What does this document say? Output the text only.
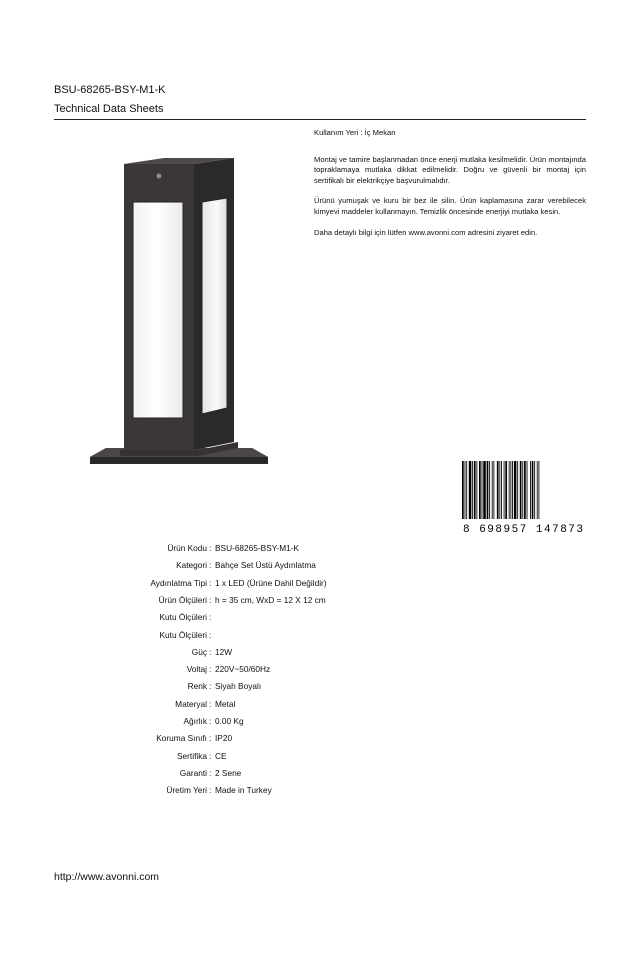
BSU-68265-BSY-M1-K
Technical Data Sheets

Kullanım Yeri : İç Mekan

Montaj ve tamire başlanmadan önce enerji mutlaka kesilmelidir. Ürün montajında topraklamaya mutlaka dikkat edilmelidir. Doğru ve güvenli bir montaj için sertifikalı bir elektrikçiye başvurulmalıdır.

Ürünü yumuşak ve kuru bir bez ile silin. Ürün kaplamasına zarar verebilecek kimyevi maddeler kullanmayın. Temizlik öncesinde enerjiyi mutlaka kesin.

Daha detaylı bilgi için lütfen www.avonni.com adresini ziyaret edin.

8 698957 147873
Ürün Kodu : BSU-68265-BSY-M1-K
Kategori : Bahçe Set Üstü Aydınlatma
Aydınlatma Tipi : 1 x LED (Ürüne Dahil Değildir)
Ürün Ölçüleri : h = 35 cm, WxD = 12 X 12 cm
Kutu Ölçüleri :
Kutu Ölçüleri :
Güç : 12W
Voltaj : 220V~50/60Hz
Renk : Siyah Boyalı
Materyal : Metal
Ağırlık : 0.00 Kg
Koruma Sınıfı : IP20
Sertifika : CE
Garanti : 2 Sene
Üretim Yeri : Made in Turkey
http://www.avonni.com
